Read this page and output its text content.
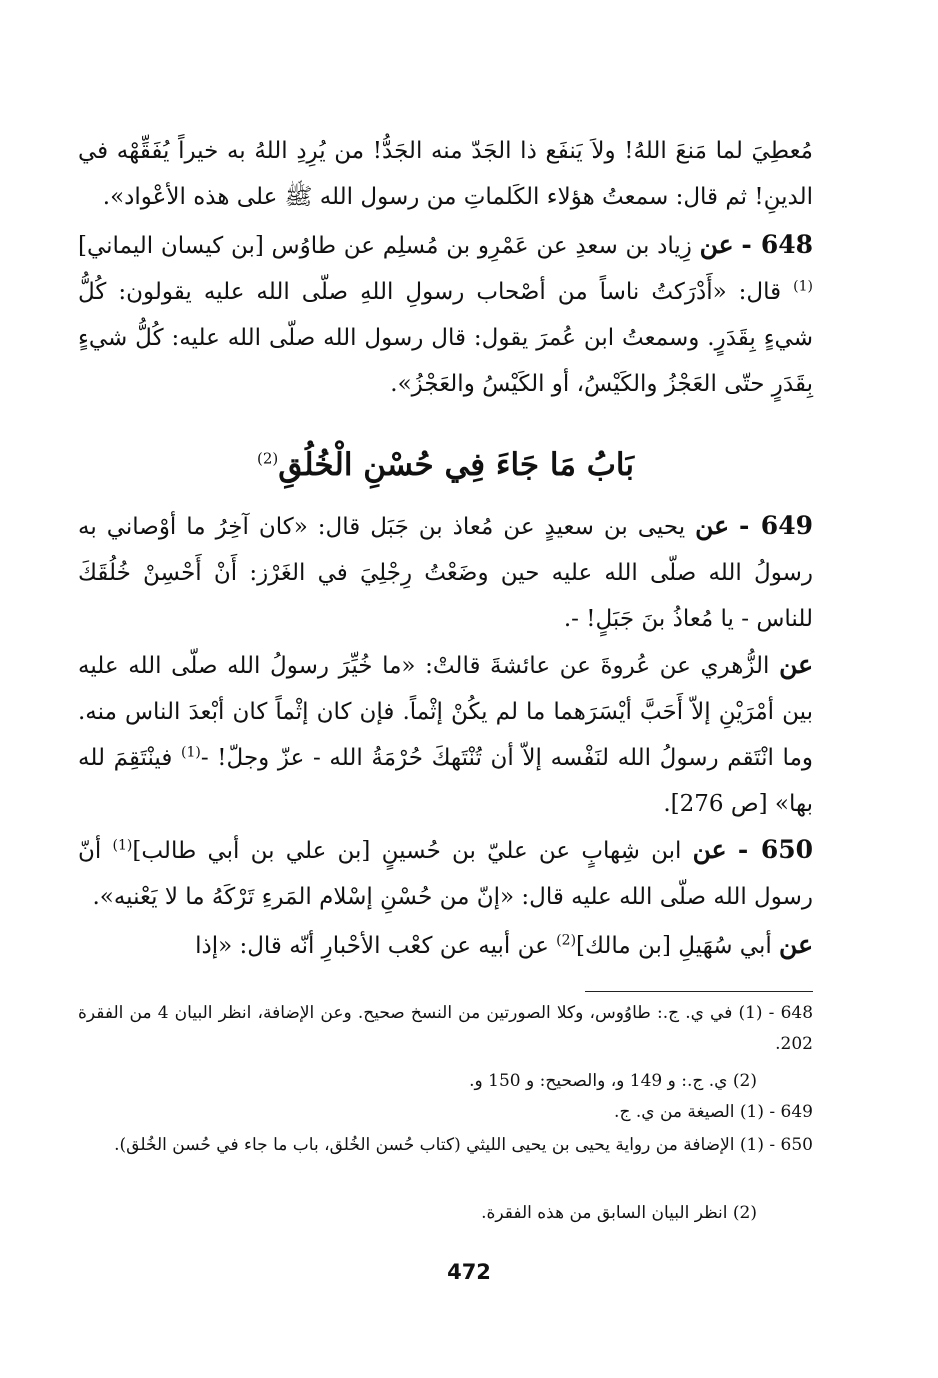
مُعطِيَ لما مَنعَ اللهُ! ولاَ يَنفَع ذا الجَدّ منه الجَدُّ! من يُرِدِ اللهُ به خيراً يُفَقِّهْه في الدينِ! ثم قال: سمعتُ هؤلاء الكَلماتِ من رسول الله ﷺ على هذه الأعْواد».

648 - عن زِياد بن سعدِ عن عَمْرِو بن مُسلِم عن طاوُس [بن كيسان اليماني]$^{(1)}$ قال: «أَدْرَكتُ ناساً من أصْحاب رسولِ اللهِ صلّى الله عليه يقولون: كُلُّ شيءٍ بِقَدَرٍ. وسمعتُ ابن عُمرَ يقول: قال رسول الله صلّى الله عليه: كُلُّ شيءٍ بِقَدَرٍ حتّى العَجْزُ والكَيْسُ، أو الكَيْسُ والعَجْزُ».

بَابُ مَا جَاءَ فِي حُسْنِ الْخُلُقِ$^{(2)}$

649 - عن يحيى بن سعيدٍ عن مُعاذ بن جَبَل قال: «كان آخِرُ ما أوْصاني به رسولُ الله صلّى الله عليه حين وضَعْتُ رِجْلِيَ في الغَرْز: أَنْ أَحْسِنْ خُلُقَكَ للناس - يا مُعاذُ بنَ جَبَلٍ! -.

عن الزُّهري عن عُروةَ عن عائشةَ قالتْ: «ما خُيِّرَ رسولُ الله صلّى الله عليه بين أمْرَيْنِ إلاّ أَحَبَّ أيْسَرَهما ما لم يكُنْ إثْماً. فإن كان إثْماً كان أبْعدَ الناس منه. وما انْتَقم رسولُ الله لنَفْسه إلاّ أن تُنْتَهكَ حُرْمَةُ الله - عزّ وجلّ! -$^{(1)}$ فينْتَقِمَ لله بها» [ص 276].

650 - عن ابن شِهابٍ عن عليّ بن حُسينٍ [بن علي بن أبي طالب]$^{(1)}$ أنّ رسول الله صلّى الله عليه قال: «إنّ من حُسْنِ إسْلام المَرءِ تَرْكَهُ ما لا يَعْنيه».

عن أبي سُهَيلِ [بن مالك]$^{(2)}$ عن أبيه عن كعْب الأحْبارِ أنّه قال: «إذا

648 - (1) في ي. ج.: طاوُوس، وكلا الصورتين من النسخ صحيح. وعن الإضافة، انظر البيان 4 من الفقرة 202.

(2) ي. ج.: و 149 و، والصحيح: و 150 و.

649 - (1) الصيغة من ي. ج.

650 - (1) الإضافة من رواية يحيى بن يحيى الليثي (كتاب حُسن الخُلق، باب ما جاء في حُسن الخُلق).

(2) انظر البيان السابق من هذه الفقرة.

472
